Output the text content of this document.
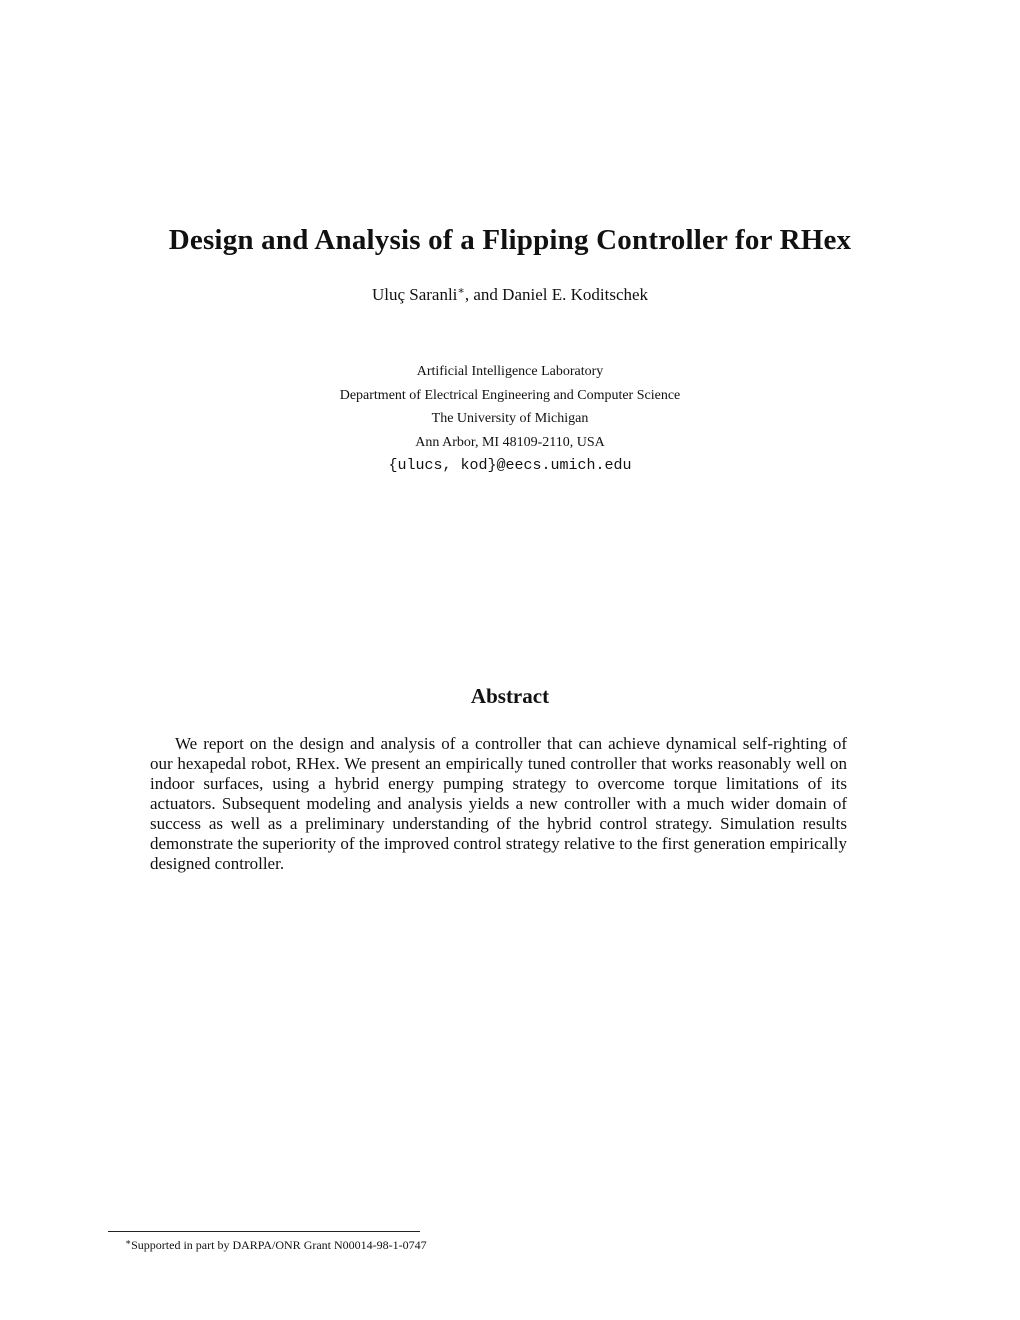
Design and Analysis of a Flipping Controller for RHex
Uluç Saranli∗, and Daniel E. Koditschek
Artificial Intelligence Laboratory
Department of Electrical Engineering and Computer Science
The University of Michigan
Ann Arbor, MI 48109-2110, USA
{ulucs, kod}@eecs.umich.edu
Abstract
We report on the design and analysis of a controller that can achieve dynamical self-righting of our hexapedal robot, RHex. We present an empirically tuned controller that works reasonably well on indoor surfaces, using a hybrid energy pumping strategy to overcome torque limitations of its actuators. Subsequent modeling and analysis yields a new controller with a much wider domain of success as well as a preliminary understanding of the hybrid control strategy. Simulation results demonstrate the superiority of the improved control strategy relative to the first generation empirically designed controller.
∗Supported in part by DARPA/ONR Grant N00014-98-1-0747
